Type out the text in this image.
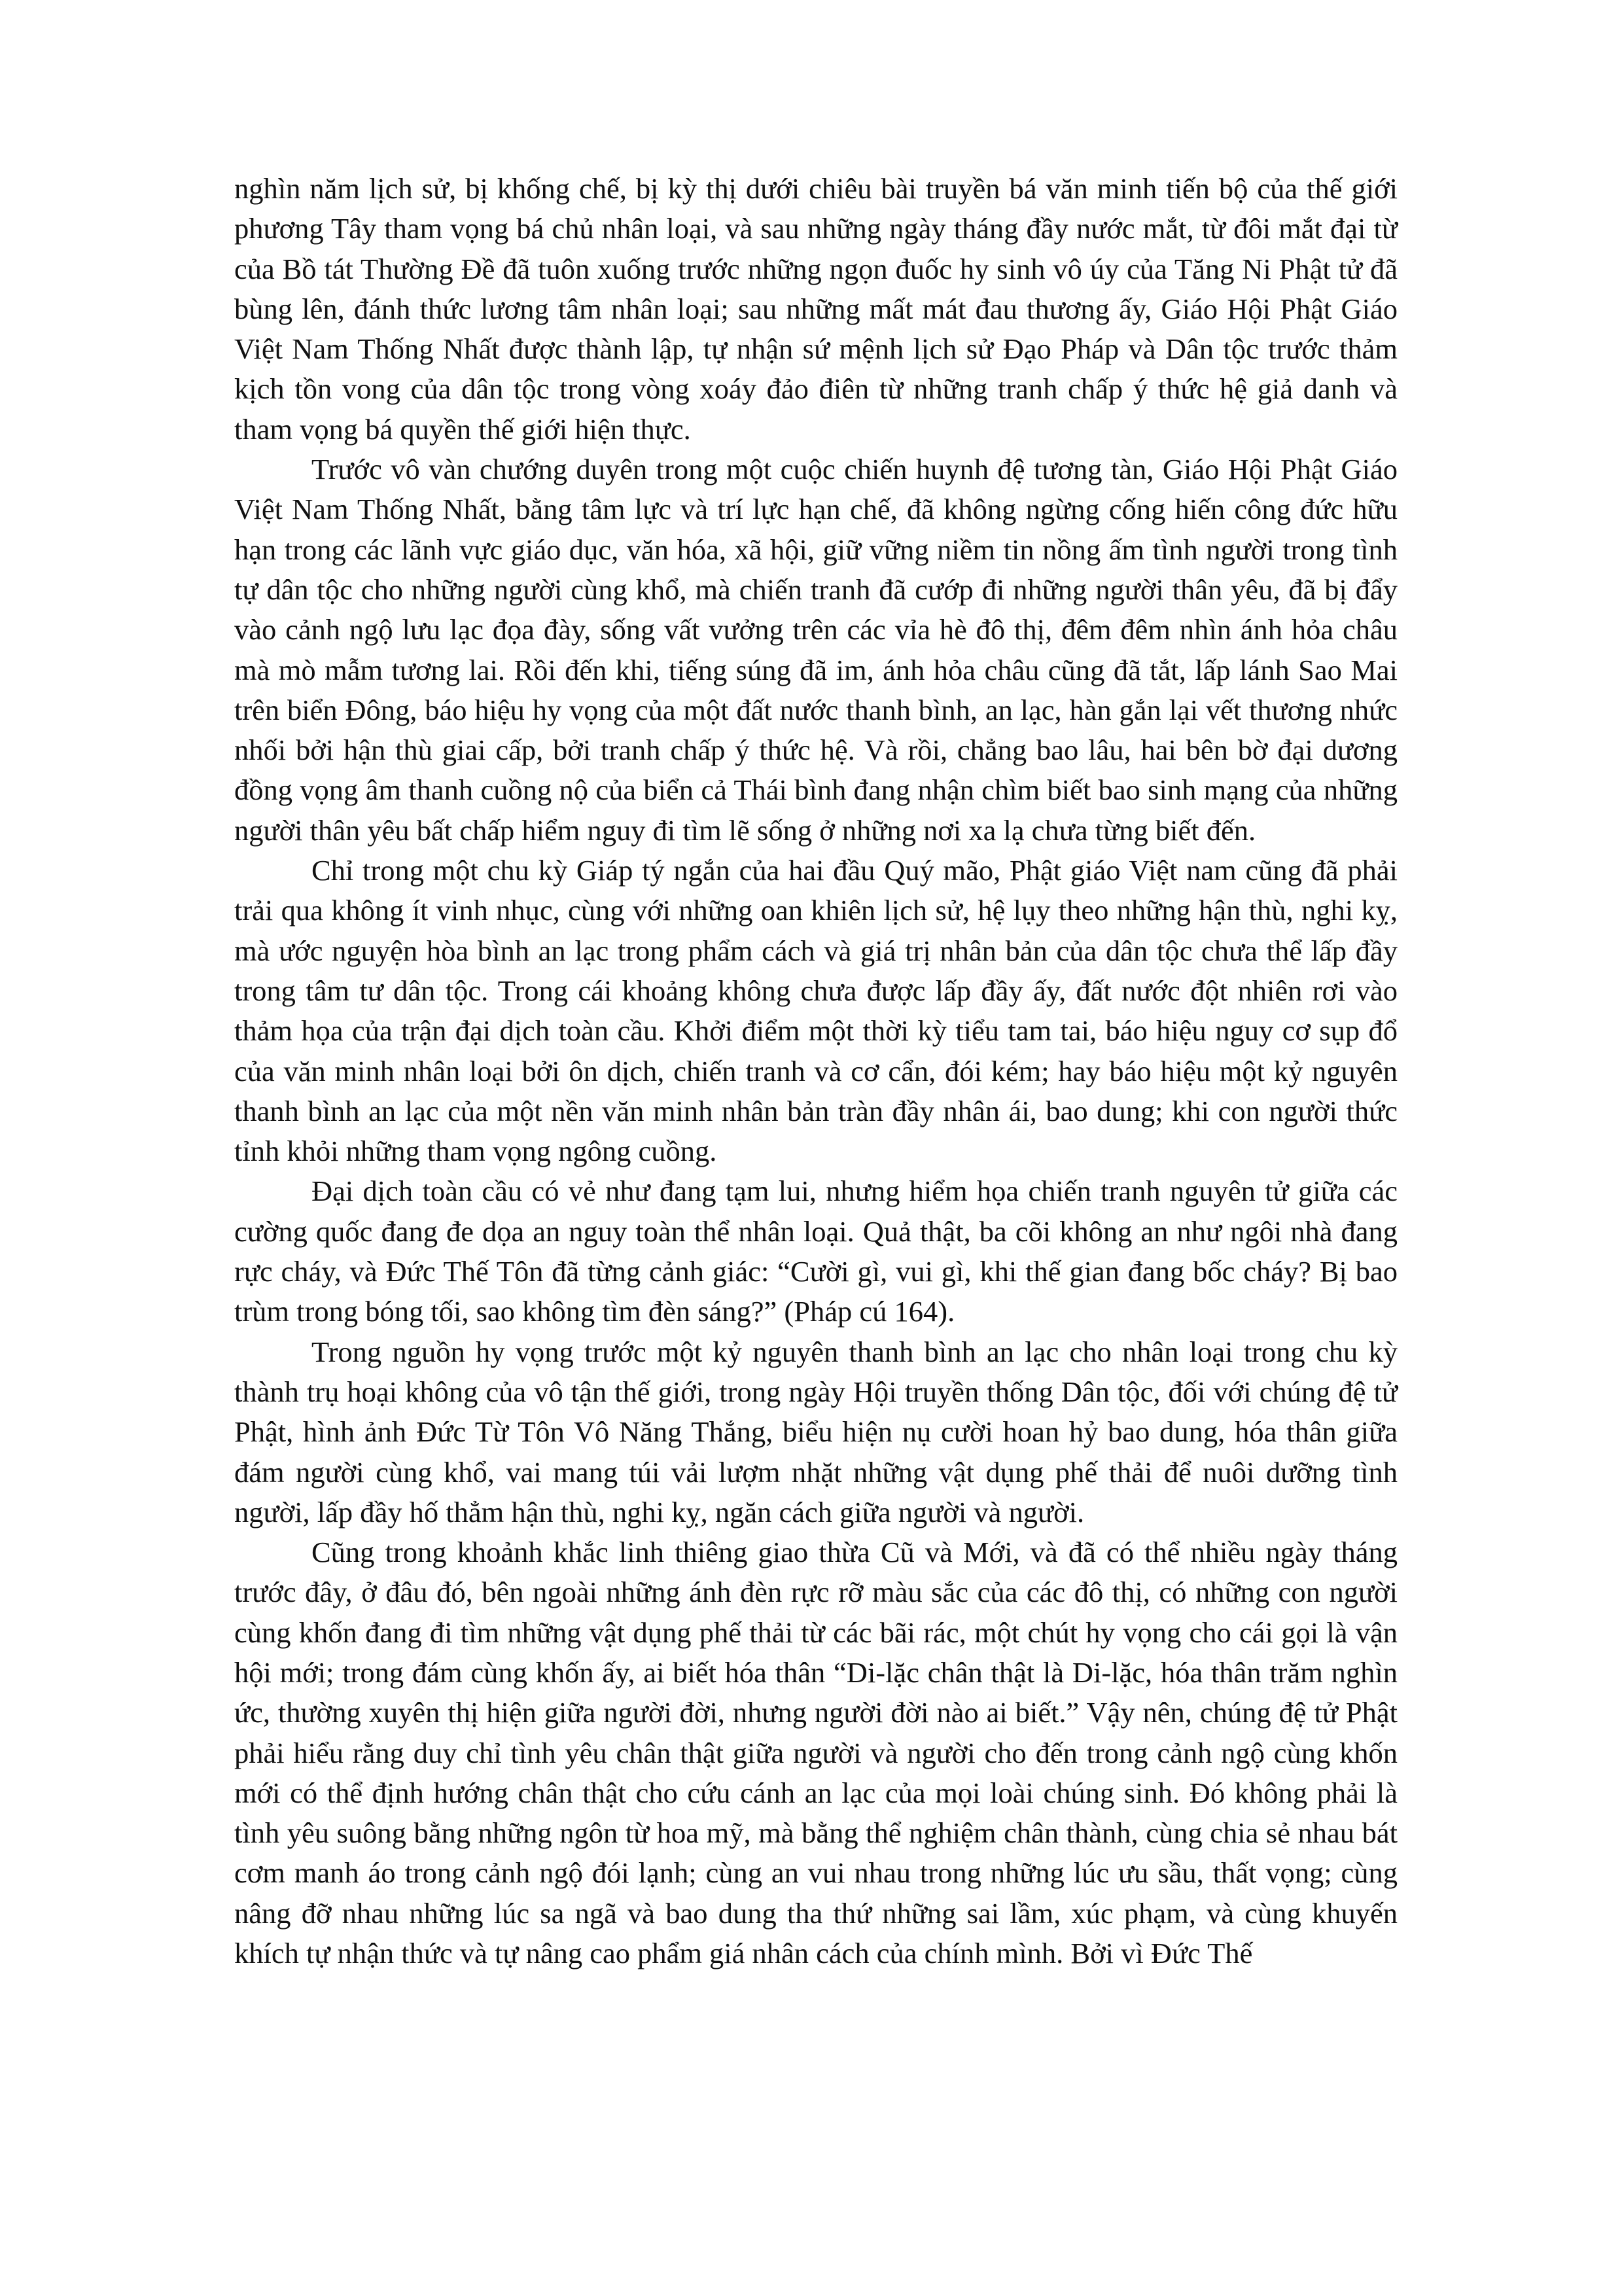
nghìn năm lịch sử, bị khống chế, bị kỳ thị dưới chiêu bài truyền bá văn minh tiến bộ của thế giới phương Tây tham vọng bá chủ nhân loại, và sau những ngày tháng đầy nước mắt, từ đôi mắt đại từ của Bồ tát Thường Đề đã tuôn xuống trước những ngọn đuốc hy sinh vô úy của Tăng Ni Phật tử đã bùng lên, đánh thức lương tâm nhân loại; sau những mất mát đau thương ấy, Giáo Hội Phật Giáo Việt Nam Thống Nhất được thành lập, tự nhận sứ mệnh lịch sử Đạo Pháp và Dân tộc trước thảm kịch tồn vong của dân tộc trong vòng xoáy đảo điên từ những tranh chấp ý thức hệ giả danh và tham vọng bá quyền thế giới hiện thực.

Trước vô vàn chướng duyên trong một cuộc chiến huynh đệ tương tàn, Giáo Hội Phật Giáo Việt Nam Thống Nhất, bằng tâm lực và trí lực hạn chế, đã không ngừng cống hiến công đức hữu hạn trong các lãnh vực giáo dục, văn hóa, xã hội, giữ vững niềm tin nồng ấm tình người trong tình tự dân tộc cho những người cùng khổ, mà chiến tranh đã cướp đi những người thân yêu, đã bị đẩy vào cảnh ngộ lưu lạc đọa đày, sống vất vưởng trên các vỉa hè đô thị, đêm đêm nhìn ánh hỏa châu mà mò mẫm tương lai. Rồi đến khi, tiếng súng đã im, ánh hỏa châu cũng đã tắt, lấp lánh Sao Mai trên biển Đông, báo hiệu hy vọng của một đất nước thanh bình, an lạc, hàn gắn lại vết thương nhức nhối bởi hận thù giai cấp, bởi tranh chấp ý thức hệ. Và rồi, chẳng bao lâu, hai bên bờ đại dương đồng vọng âm thanh cuồng nộ của biển cả Thái bình đang nhận chìm biết bao sinh mạng của những người thân yêu bất chấp hiểm nguy đi tìm lẽ sống ở những nơi xa lạ chưa từng biết đến.

Chỉ trong một chu kỳ Giáp tý ngắn của hai đầu Quý mão, Phật giáo Việt nam cũng đã phải trải qua không ít vinh nhục, cùng với những oan khiên lịch sử, hệ lụy theo những hận thù, nghi kỵ, mà ước nguyện hòa bình an lạc trong phẩm cách và giá trị nhân bản của dân tộc chưa thể lấp đầy trong tâm tư dân tộc. Trong cái khoảng không chưa được lấp đầy ấy, đất nước đột nhiên rơi vào thảm họa của trận đại dịch toàn cầu. Khởi điểm một thời kỳ tiểu tam tai, báo hiệu nguy cơ sụp đổ của văn minh nhân loại bởi ôn dịch, chiến tranh và cơ cẩn, đói kém; hay báo hiệu một kỷ nguyên thanh bình an lạc của một nền văn minh nhân bản tràn đầy nhân ái, bao dung; khi con người thức tỉnh khỏi những tham vọng ngông cuồng.

Đại dịch toàn cầu có vẻ như đang tạm lui, nhưng hiểm họa chiến tranh nguyên tử giữa các cường quốc đang đe dọa an nguy toàn thể nhân loại. Quả thật, ba cõi không an như ngôi nhà đang rực cháy, và Đức Thế Tôn đã từng cảnh giác: “Cười gì, vui gì, khi thế gian đang bốc cháy? Bị bao trùm trong bóng tối, sao không tìm đèn sáng?” (Pháp cú 164).

Trong nguồn hy vọng trước một kỷ nguyên thanh bình an lạc cho nhân loại trong chu kỳ thành trụ hoại không của vô tận thế giới, trong ngày Hội truyền thống Dân tộc, đối với chúng đệ tử Phật, hình ảnh Đức Từ Tôn Vô Năng Thắng, biểu hiện nụ cười hoan hỷ bao dung, hóa thân giữa đám người cùng khổ, vai mang túi vải lượm nhặt những vật dụng phế thải để nuôi dưỡng tình người, lấp đầy hố thẳm hận thù, nghi kỵ, ngăn cách giữa người và người.

Cũng trong khoảnh khắc linh thiêng giao thừa Cũ và Mới, và đã có thể nhiều ngày tháng trước đây, ở đâu đó, bên ngoài những ánh đèn rực rỡ màu sắc của các đô thị, có những con người cùng khốn đang đi tìm những vật dụng phế thải từ các bãi rác, một chút hy vọng cho cái gọi là vận hội mới; trong đám cùng khốn ấy, ai biết hóa thân “Di-lặc chân thật là Di-lặc, hóa thân trăm nghìn ức, thường xuyên thị hiện giữa người đời, nhưng người đời nào ai biết.” Vậy nên, chúng đệ tử Phật phải hiểu rằng duy chỉ tình yêu chân thật giữa người và người cho đến trong cảnh ngộ cùng khốn mới có thể định hướng chân thật cho cứu cánh an lạc của mọi loài chúng sinh. Đó không phải là tình yêu suông bằng những ngôn từ hoa mỹ, mà bằng thể nghiệm chân thành, cùng chia sẻ nhau bát cơm manh áo trong cảnh ngộ đói lạnh; cùng an vui nhau trong những lúc ưu sầu, thất vọng; cùng nâng đỡ nhau những lúc sa ngã và bao dung tha thứ những sai lầm, xúc phạm, và cùng khuyến khích tự nhận thức và tự nâng cao phẩm giá nhân cách của chính mình. Bởi vì Đức Thế
